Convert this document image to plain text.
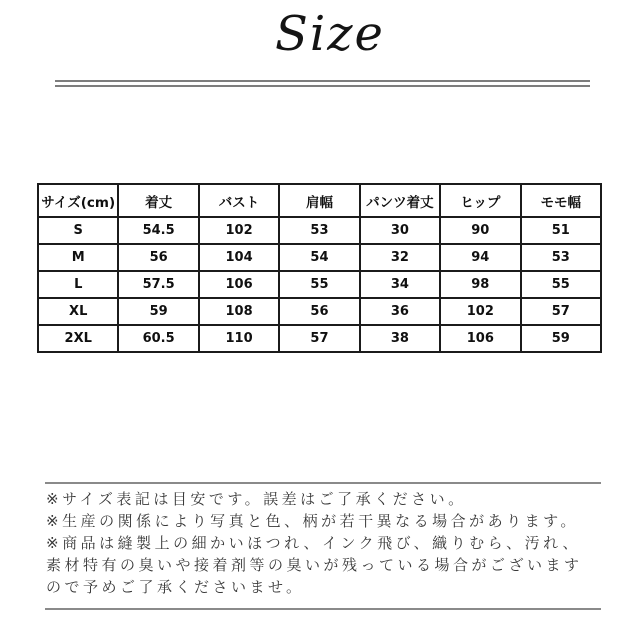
Size
サイズ(cm)	着丈	バスト	肩幅	パンツ着丈	ヒップ	モモ幅
S	54.5	102	53	30	90	51
M	56	104	54	32	94	53
L	57.5	106	55	34	98	55
XL	59	108	56	36	102	57
2XL	60.5	110	57	38	106	59
※サイズ表記は目安です。誤差はご了承ください。
※生産の関係により写真と色、柄が若干異なる場合があります。
※商品は縫製上の細かいほつれ、インク飛び、織りむら、汚れ、
素材特有の臭いや接着剤等の臭いが残っている場合がございます
ので予めご了承くださいませ。
